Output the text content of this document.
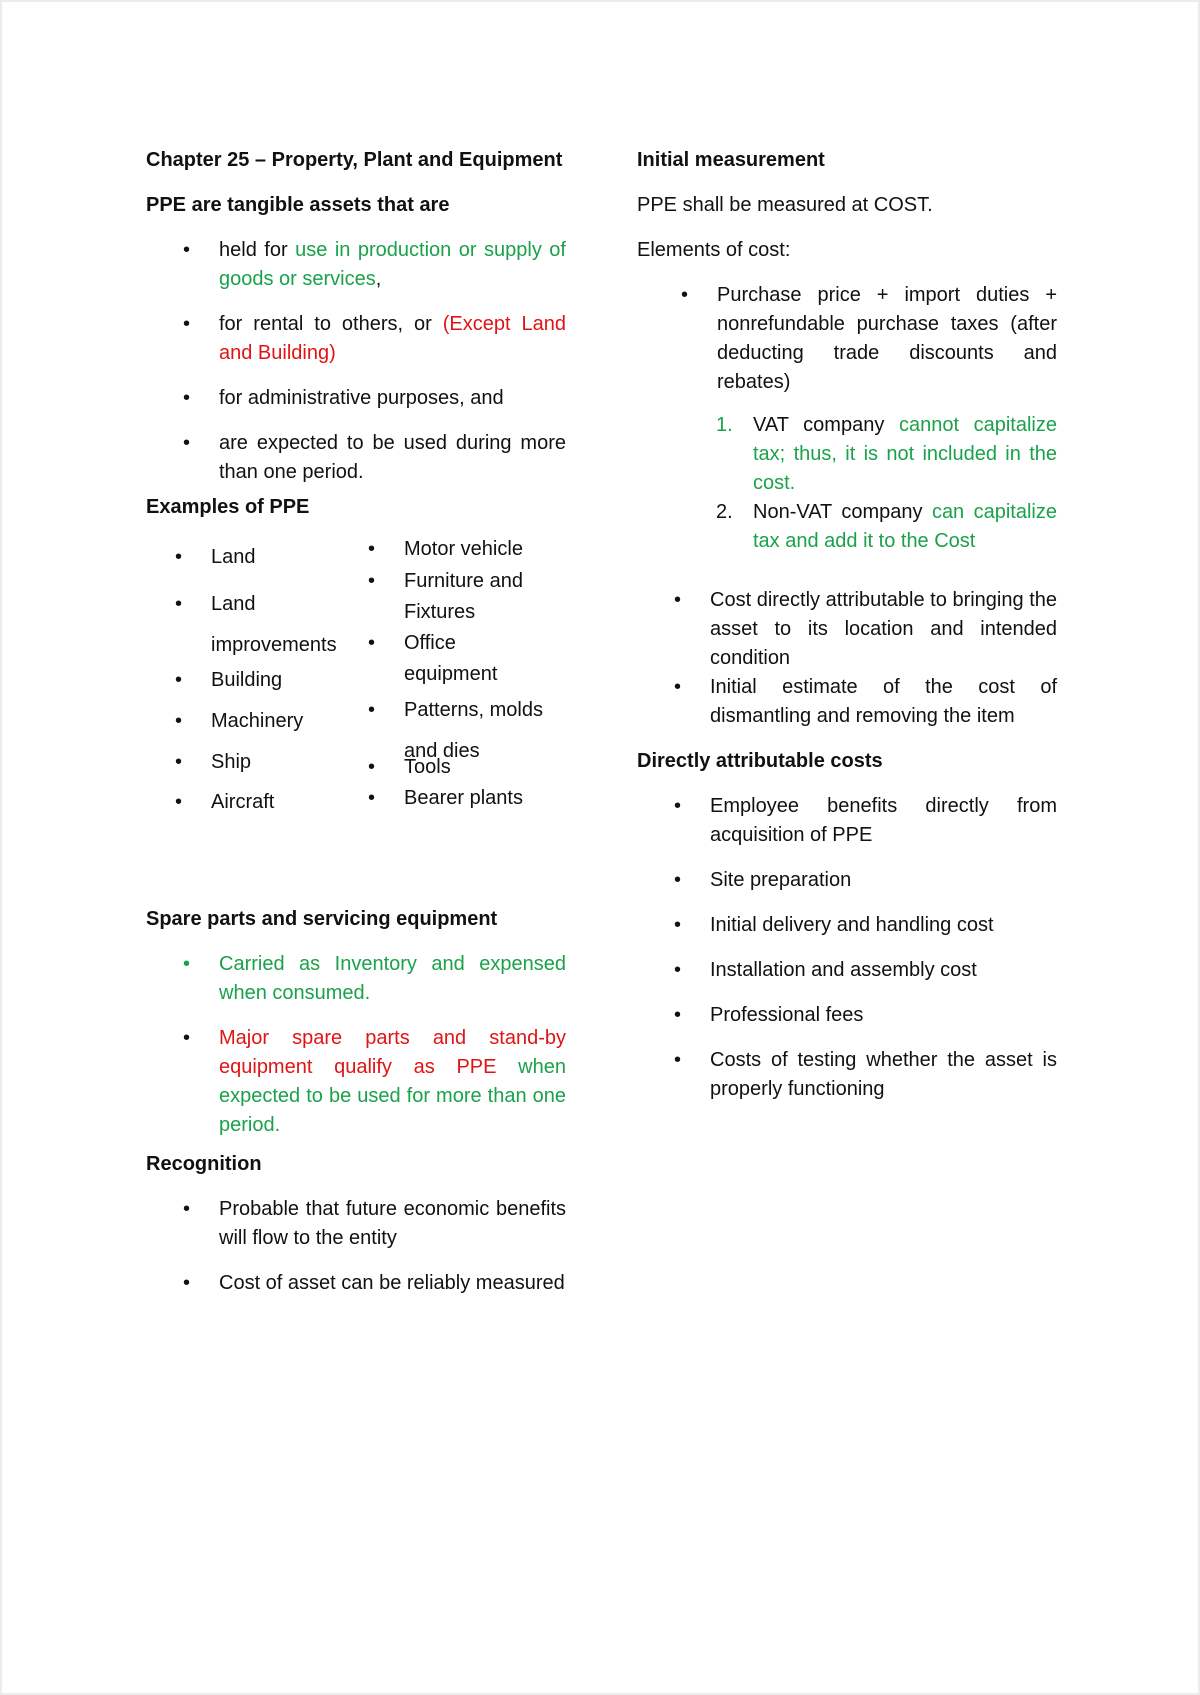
Chapter 25 – Property, Plant and Equipment

PPE are tangible assets that are

• held for use in production or supply of goods or services,
• for rental to others, or (Except Land and Building)
• for administrative purposes, and
• are expected to be used during more than one period.

Examples of PPE

• Land
• Land improvements
• Building
• Machinery
• Ship
• Aircraft
• Motor vehicle
• Furniture and Fixtures
• Office equipment
• Patterns, molds and dies
• Tools
• Bearer plants

Spare parts and servicing equipment

• Carried as Inventory and expensed when consumed.
• Major spare parts and stand-by equipment qualify as PPE when expected to be used for more than one period.

Recognition

• Probable that future economic benefits will flow to the entity
• Cost of asset can be reliably measured

Initial measurement

PPE shall be measured at COST.

Elements of cost:

• Purchase price + import duties + nonrefundable purchase taxes (after deducting trade discounts and rebates)
1. VAT company cannot capitalize tax; thus, it is not included in the cost.
2. Non-VAT company can capitalize tax and add it to the Cost
• Cost directly attributable to bringing the asset to its location and intended condition
• Initial estimate of the cost of dismantling and removing the item

Directly attributable costs

• Employee benefits directly from acquisition of PPE
• Site preparation
• Initial delivery and handling cost
• Installation and assembly cost
• Professional fees
• Costs of testing whether the asset is properly functioning
